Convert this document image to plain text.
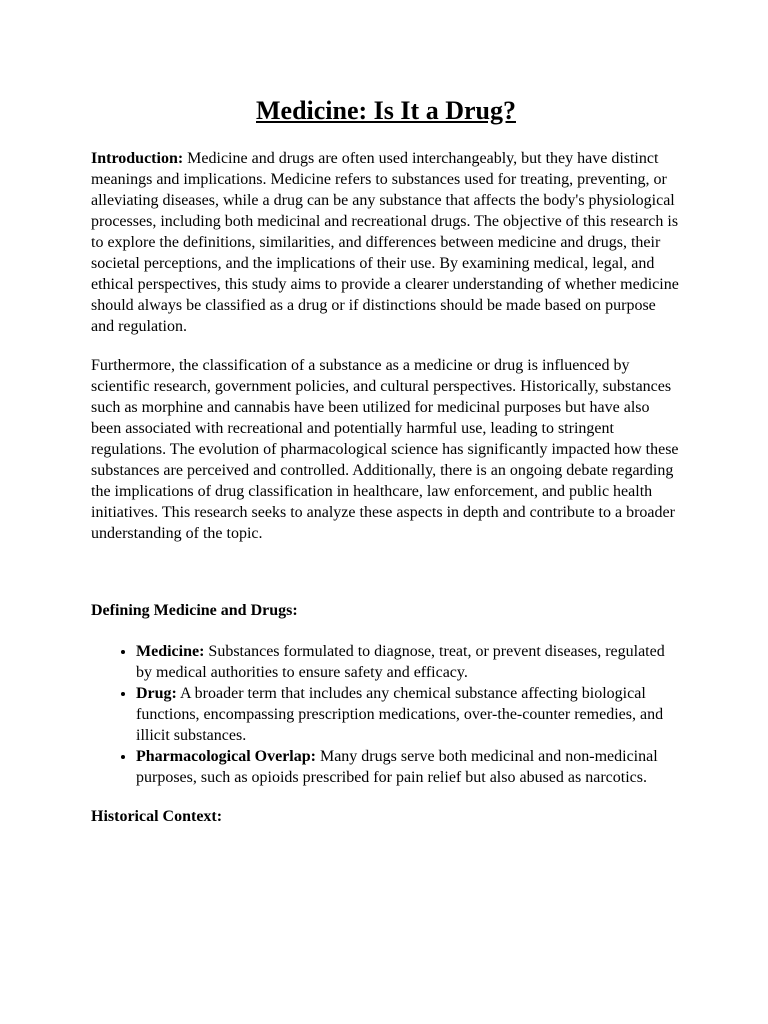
Medicine: Is It a Drug?

Introduction: Medicine and drugs are often used interchangeably, but they have distinct meanings and implications. Medicine refers to substances used for treating, preventing, or alleviating diseases, while a drug can be any substance that affects the body's physiological processes, including both medicinal and recreational drugs. The objective of this research is to explore the definitions, similarities, and differences between medicine and drugs, their societal perceptions, and the implications of their use. By examining medical, legal, and ethical perspectives, this study aims to provide a clearer understanding of whether medicine should always be classified as a drug or if distinctions should be made based on purpose and regulation.

Furthermore, the classification of a substance as a medicine or drug is influenced by scientific research, government policies, and cultural perspectives. Historically, substances such as morphine and cannabis have been utilized for medicinal purposes but have also been associated with recreational and potentially harmful use, leading to stringent regulations. The evolution of pharmacological science has significantly impacted how these substances are perceived and controlled. Additionally, there is an ongoing debate regarding the implications of drug classification in healthcare, law enforcement, and public health initiatives. This research seeks to analyze these aspects in depth and contribute to a broader understanding of the topic.

Defining Medicine and Drugs:
• Medicine: Substances formulated to diagnose, treat, or prevent diseases, regulated by medical authorities to ensure safety and efficacy.
• Drug: A broader term that includes any chemical substance affecting biological functions, encompassing prescription medications, over-the-counter remedies, and illicit substances.
• Pharmacological Overlap: Many drugs serve both medicinal and non-medicinal purposes, such as opioids prescribed for pain relief but also abused as narcotics.
Historical Context:
